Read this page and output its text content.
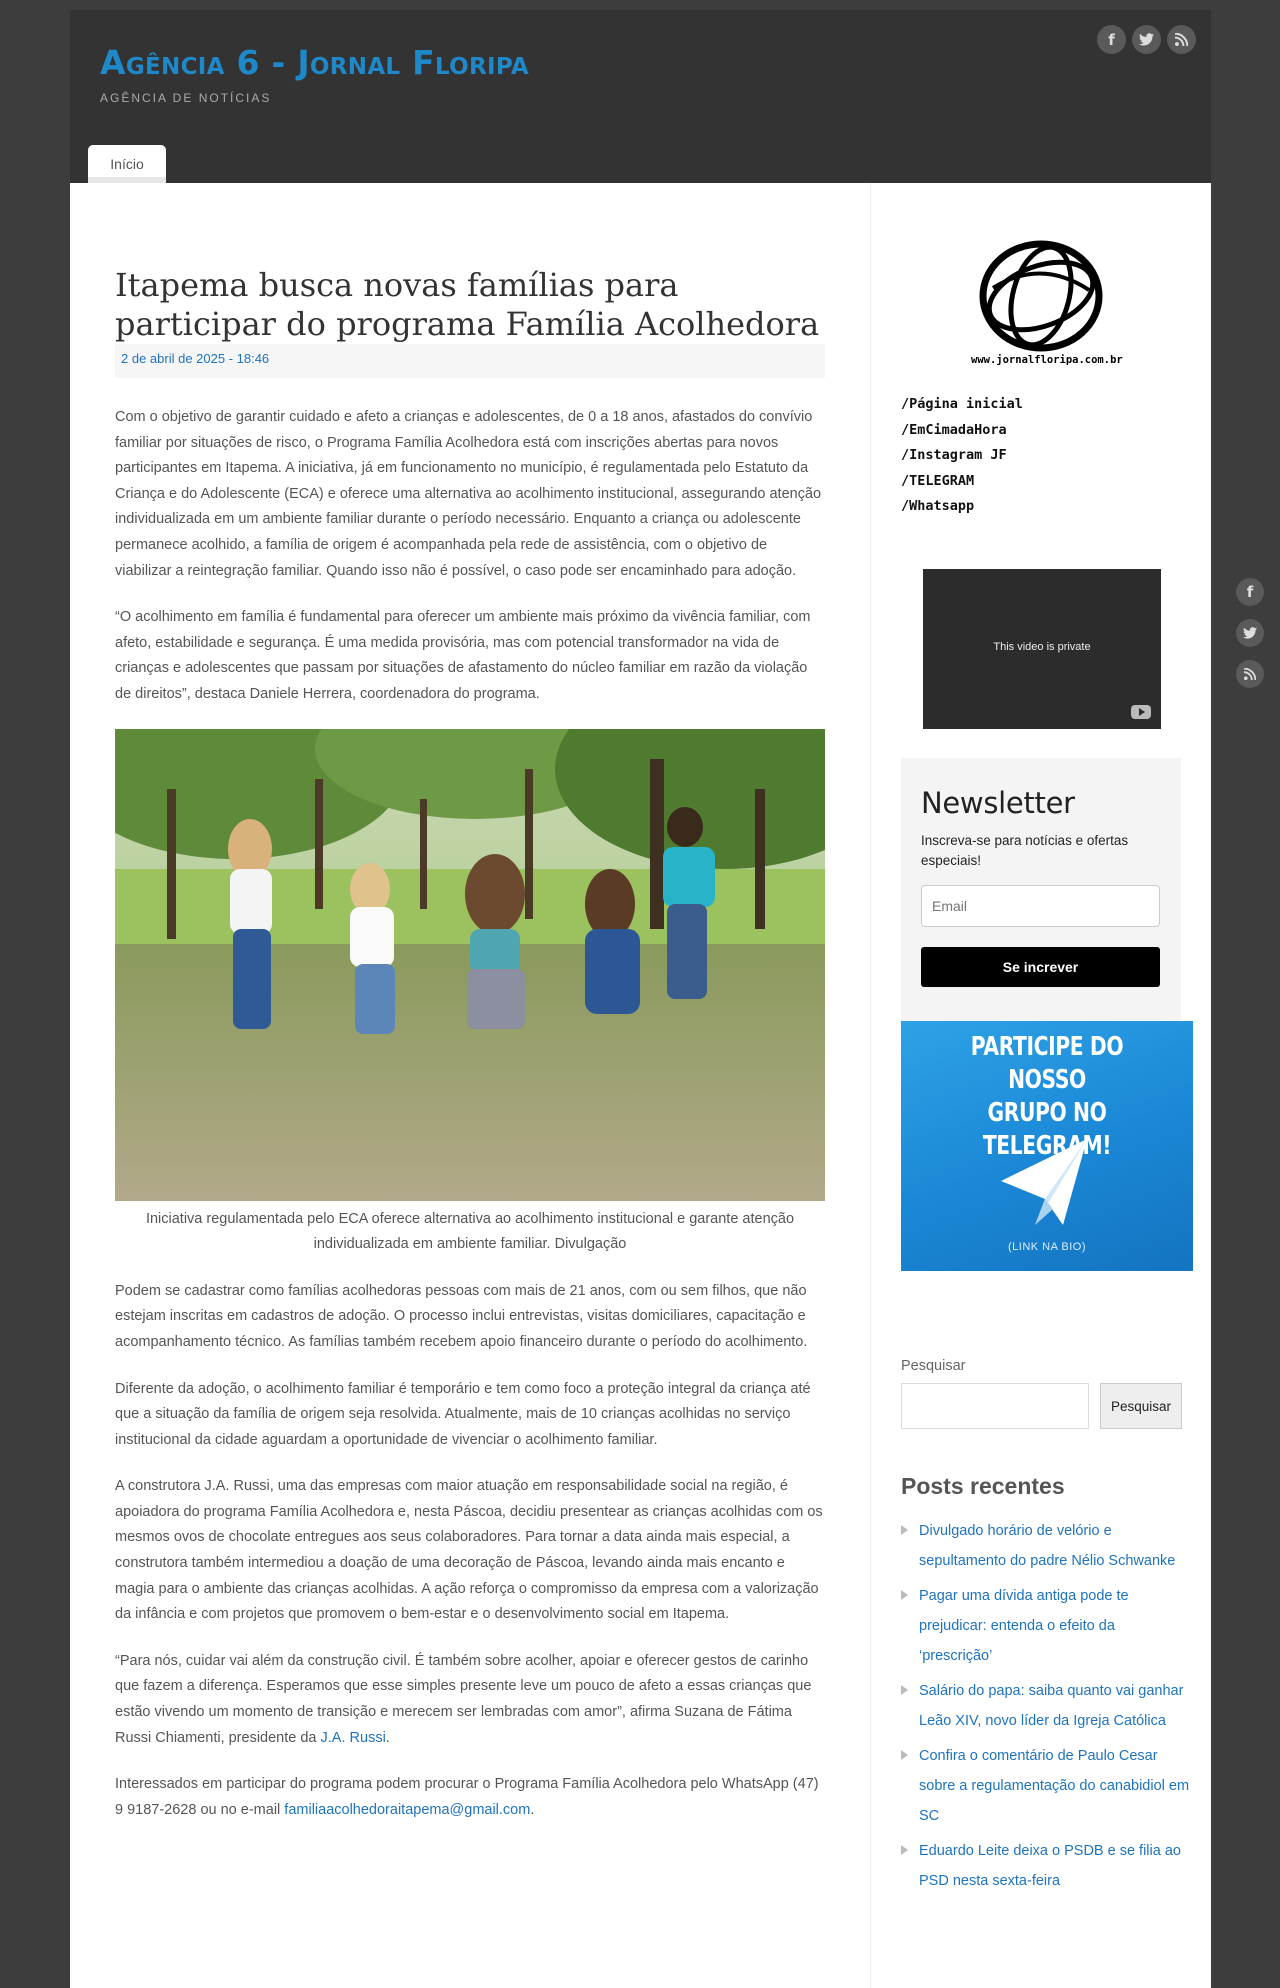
Agência 6 - Jornal Floripa
AGÊNCIA DE NOTÍCIAS
f
Início
Itapema busca novas famílias para participar do programa Família Acolhedora
2 de abril de 2025 - 18:46

Com o objetivo de garantir cuidado e afeto a crianças e adolescentes, de 0 a 18 anos, afastados do convívio familiar por situações de risco, o Programa Família Acolhedora está com inscrições abertas para novos participantes em Itapema. A iniciativa, já em funcionamento no município, é regulamentada pelo Estatuto da Criança e do Adolescente (ECA) e oferece uma alternativa ao acolhimento institucional, assegurando atenção individualizada em um ambiente familiar durante o período necessário. Enquanto a criança ou adolescente permanece acolhido, a família de origem é acompanhada pela rede de assistência, com o objetivo de viabilizar a reintegração familiar. Quando isso não é possível, o caso pode ser encaminhado para adoção.

“O acolhimento em família é fundamental para oferecer um ambiente mais próximo da vivência familiar, com afeto, estabilidade e segurança. É uma medida provisória, mas com potencial transformador na vida de crianças e adolescentes que passam por situações de afastamento do núcleo familiar em razão da violação de direitos”, destaca Daniele Herrera, coordenadora do programa.

Iniciativa regulamentada pelo ECA oferece alternativa ao acolhimento institucional e garante atenção individualizada em ambiente familiar. Divulgação

Podem se cadastrar como famílias acolhedoras pessoas com mais de 21 anos, com ou sem filhos, que não estejam inscritas em cadastros de adoção. O processo inclui entrevistas, visitas domiciliares, capacitação e acompanhamento técnico. As famílias também recebem apoio financeiro durante o período do acolhimento.

Diferente da adoção, o acolhimento familiar é temporário e tem como foco a proteção integral da criança até que a situação da família de origem seja resolvida. Atualmente, mais de 10 crianças acolhidas no serviço institucional da cidade aguardam a oportunidade de vivenciar o acolhimento familiar.

A construtora J.A. Russi, uma das empresas com maior atuação em responsabilidade social na região, é apoiadora do programa Família Acolhedora e, nesta Páscoa, decidiu presentear as crianças acolhidas com os mesmos ovos de chocolate entregues aos seus colaboradores. Para tornar a data ainda mais especial, a construtora também intermediou a doação de uma decoração de Páscoa, levando ainda mais encanto e magia para o ambiente das crianças acolhidas. A ação reforça o compromisso da empresa com a valorização da infância e com projetos que promovem o bem-estar e o desenvolvimento social em Itapema.

“Para nós, cuidar vai além da construção civil. É também sobre acolher, apoiar e oferecer gestos de carinho que fazem a diferença. Esperamos que esse simples presente leve um pouco de afeto a essas crianças que estão vivendo um momento de transição e merecem ser lembradas com amor”, afirma Suzana de Fátima Russi Chiamenti, presidente da J.A. Russi.

Interessados em participar do programa podem procurar o Programa Família Acolhedora pelo WhatsApp (47) 9 9187-2628 ou no e-mail familiaacolhedoraitapema@gmail.com.

www.jornalfloripa.com.br
/Página inicial
/EmCimadaHora
/Instagram JF
/TELEGRAM
/Whatsapp
This video is private
Newsletter

Inscreva-se para notícias e ofertas especiais!

Email Se increver
PARTICIPE DO NOSSO
GRUPO NO TELEGRAM!
(LINK NA BIO)
Pesquisar
Pesquisar
Posts recentes
Divulgado horário de velório e sepultamento do padre Nélio Schwanke
Pagar uma dívida antiga pode te prejudicar: entenda o efeito da ‘prescrição’
Salário do papa: saiba quanto vai ganhar Leão XIV, novo líder da Igreja Católica
Confira o comentário de Paulo Cesar sobre a regulamentação do canabidiol em SC
Eduardo Leite deixa o PSDB e se filia ao PSD nesta sexta-feira
f
